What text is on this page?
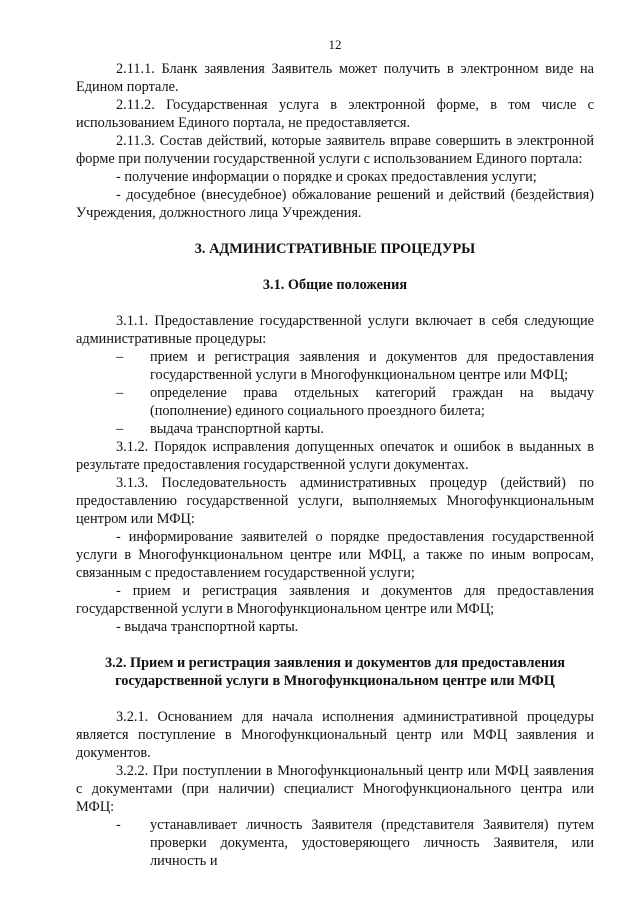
12

2.11.1. Бланк заявления Заявитель может получить в электронном виде на Едином портале.

2.11.2. Государственная услуга в электронной форме, в том числе с использованием Единого портала, не предоставляется.

2.11.3. Состав действий, которые заявитель вправе совершить в электронной форме при получении государственной услуги с использованием Единого портала:

- получение информации о порядке и сроках предоставления услуги;

- досудебное (внесудебное) обжалование решений и действий (бездействия) Учреждения, должностного лица Учреждения.

3. АДМИНИСТРАТИВНЫЕ ПРОЦЕДУРЫ
3.1. Общие положения

3.1.1. Предоставление государственной услуги включает в себя следующие административные процедуры:

–	прием и регистрация заявления и документов для предоставления государственной услуги в Многофункциональном центре или МФЦ;
–	определение права отдельных категорий граждан на выдачу (пополнение) единого социального проездного билета;
–	выдача транспортной карты.

3.1.2. Порядок исправления допущенных опечаток и ошибок в выданных в результате предоставления государственной услуги документах.

3.1.3. Последовательность административных процедур (действий) по предоставлению государственной услуги, выполняемых Многофункциональным центром или МФЦ:

- информирование заявителей о порядке предоставления государственной услуги в Многофункциональном центре или МФЦ, а также по иным вопросам, связанным с предоставлением государственной услуги;

- прием и регистрация заявления и документов для предоставления государственной услуги в Многофункциональном центре или МФЦ;

- выдача транспортной карты.

3.2. Прием и регистрация заявления и документов для предоставления
государственной услуги в Многофункциональном центре или МФЦ

3.2.1. Основанием для начала исполнения административной процедуры является поступление в Многофункциональный центр или МФЦ заявления и документов.

3.2.2. При поступлении в Многофункциональный центр или МФЦ заявления с документами (при наличии) специалист Многофункционального центра или МФЦ:

-	устанавливает личность Заявителя (представителя Заявителя) путем проверки документа, удостоверяющего личность Заявителя, или личность и
